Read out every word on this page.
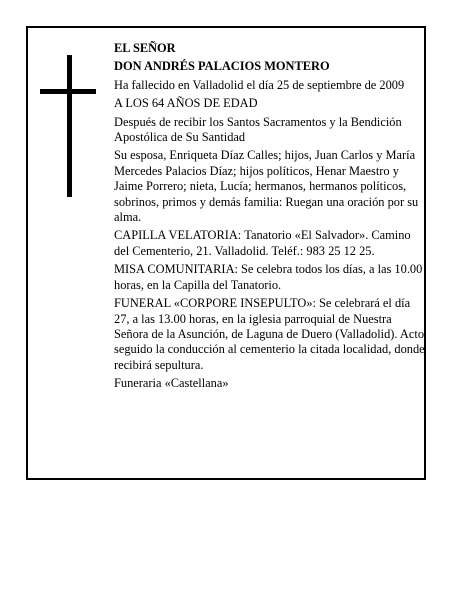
EL SEÑOR

DON ANDRÉS PALACIOS MONTERO

Ha fallecido en Valladolid el día 25 de septiembre de 2009

A LOS 64 AÑOS DE EDAD

Después de recibir los Santos Sacramentos y la Bendición Apostólica de Su Santidad

Su esposa, Enriqueta Díaz Calles; hijos, Juan Carlos y María Mercedes Palacios Díaz; hijos políticos, Henar Maestro y Jaime Porrero; nieta, Lucía; hermanos, hermanos políticos, sobrinos, primos y demás familia: Ruegan una oración por su alma.

CAPILLA VELATORIA: Tanatorio «El Salvador». Camino del Cementerio, 21. Valladolid. Teléf.: 983 25 12 25.

MISA COMUNITARIA: Se celebra todos los días, a las 10.00 horas, en la Capilla del Tanatorio.

FUNERAL «CORPORE INSEPULTO»: Se celebrará el día 27, a las 13.00 horas, en la iglesia parroquial de Nuestra Señora de la Asunción, de Laguna de Duero (Valladolid). Acto seguido la conducción al cementerio la citada localidad, donde recibirá sepultura.

Funeraria «Castellana»
